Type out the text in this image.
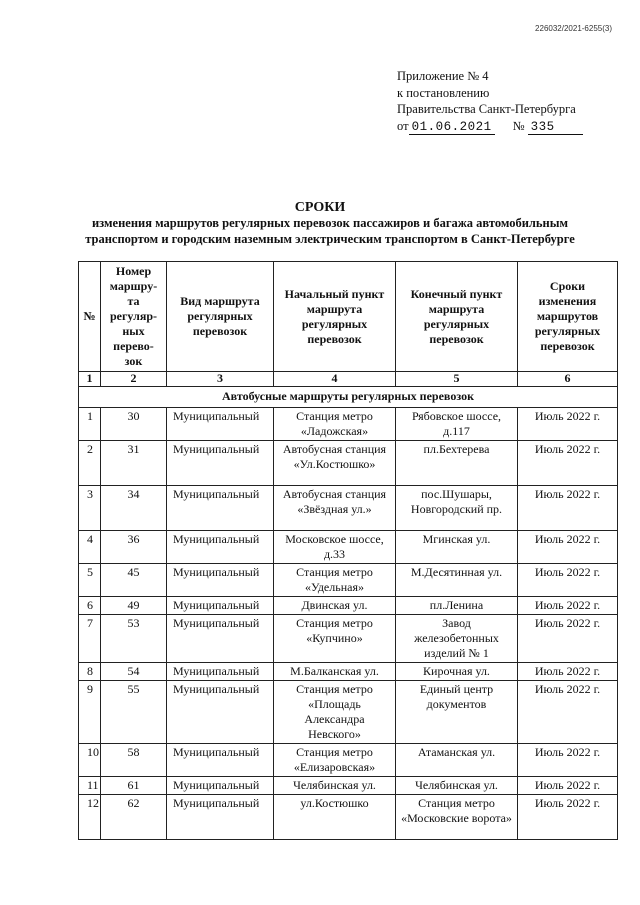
226032/2021-6255(3)
Приложение № 4
к постановлению
Правительства Санкт-Петербурга
от 01.06.2021 № 335
СРОКИ
изменения маршрутов регулярных перевозок пассажиров и багажа автомобильным транспортом и городским наземным электрическим транспортом в Санкт-Петербурге
№	Номер маршру-та регуляр-ных перево-зок	Вид маршрута регулярных перевозок	Начальный пункт маршрута регулярных перевозок	Конечный пункт маршрута регулярных перевозок	Сроки изменения маршрутов регулярных перевозок
1	2	3	4	5	6
Автобусные маршруты регулярных перевозок					
1	30	Муниципальный	Станция метро «Ладожская»	Рябовское шоссе, д.117	Июль 2022 г.
2	31	Муниципальный	Автобусная станция «Ул.Костюшко»	пл.Бехтерева	Июль 2022 г.
3	34	Муниципальный	Автобусная станция «Звёздная ул.»	пос.Шушары, Новгородский пр.	Июль 2022 г.
4	36	Муниципальный	Московское шоссе, д.33	Мгинская ул.	Июль 2022 г.
5	45	Муниципальный	Станция метро «Удельная»	М.Десятинная ул.	Июль 2022 г.
6	49	Муниципальный	Двинская ул.	пл.Ленина	Июль 2022 г.
7	53	Муниципальный	Станция метро «Купчино»	Завод железобетонных изделий № 1	Июль 2022 г.
8	54	Муниципальный	М.Балканская ул.	Кирочная ул.	Июль 2022 г.
9	55	Муниципальный	Станция метро «Площадь Александра Невского»	Единый центр документов	Июль 2022 г.
10	58	Муниципальный	Станция метро «Елизаровская»	Атаманская ул.	Июль 2022 г.
11	61	Муниципальный	Челябинская ул.	Челябинская ул.	Июль 2022 г.
12	62	Муниципальный	ул.Костюшко	Станция метро «Московские ворота»	Июль 2022 г.
